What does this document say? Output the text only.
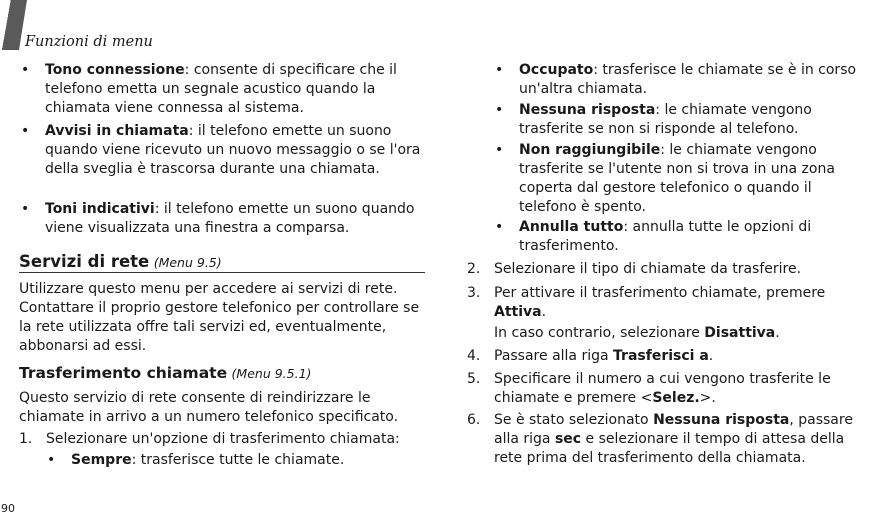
Funzioni di menu
• Tono connessione: consente di specificare che il telefono emetta un segnale acustico quando la chiamata viene connessa al sistema.
• Avvisi in chiamata: il telefono emette un suono quando viene ricevuto un nuovo messaggio o se l'ora della sveglia è trascorsa durante una chiamata.
• Toni indicativi: il telefono emette un suono quando viene visualizzata una finestra a comparsa.
Servizi di rete (Menu 9.5)

Utilizzare questo menu per accedere ai servizi di rete. Contattare il proprio gestore telefonico per controllare se la rete utilizzata offre tali servizi ed, eventualmente, abbonarsi ad essi.

Trasferimento chiamate (Menu 9.5.1)

Questo servizio di rete consente di reindirizzare le chiamate in arrivo a un numero telefonico specificato.

1. Selezionare un'opzione di trasferimento chiamata:
• Sempre: trasferisce tutte le chiamate.
• Occupato: trasferisce le chiamate se è in corso un'altra chiamata.
• Nessuna risposta: le chiamate vengono trasferite se non si risponde al telefono.
• Non raggiungibile: le chiamate vengono trasferite se l'utente non si trova in una zona coperta dal gestore telefonico o quando il telefono è spento.
• Annulla tutto: annulla tutte le opzioni di trasferimento.
2. Selezionare il tipo di chiamate da trasferire.
3. Per attivare il trasferimento chiamate, premere Attiva.
In caso contrario, selezionare Disattiva.
4. Passare alla riga Trasferisci a.
5. Specificare il numero a cui vengono trasferite le chiamate e premere <Selez.>.
6. Se è stato selezionato Nessuna risposta, passare alla riga sec e selezionare il tempo di attesa della rete prima del trasferimento della chiamata.
90
